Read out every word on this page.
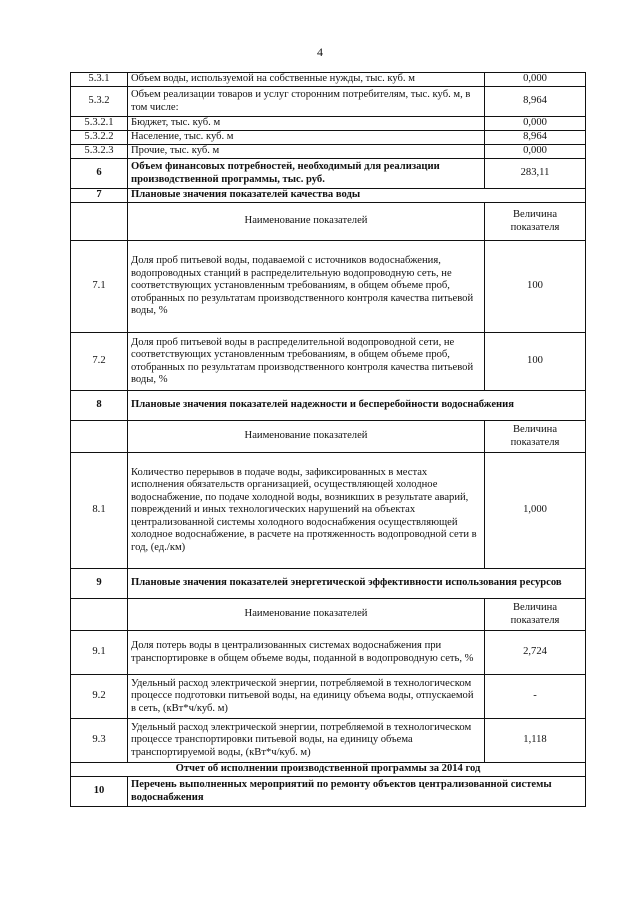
4
5.3.1	Объем воды, используемой на собственные нужды, тыс. куб. м	0,000
5.3.2	Объем реализации товаров и услуг сторонним потребителям, тыс. куб. м, в том числе:	8,964
5.3.2.1	Бюджет, тыс. куб. м	0,000
5.3.2.2	Население, тыс. куб. м	8,964
5.3.2.3	Прочие, тыс. куб. м	0,000
6	Объем финансовых потребностей, необходимый для реализации производственной программы, тыс. руб.	283,11
7	Плановые значения показателей качества воды	
	Наименование показателей	Величина показателя
7.1	Доля проб питьевой воды, подаваемой с источников водоснабжения, водопроводных станций в распределительную водопроводную сеть, не соответствующих установленным требованиям, в общем объеме проб, отобранных по результатам производственного контроля качества питьевой воды, %	100
7.2	Доля проб питьевой воды в распределительной водопроводной сети, не соответствующих установленным требованиям, в общем объеме проб, отобранных по результатам производственного контроля качества питьевой воды, %	100
8	Плановые значения показателей надежности и бесперебойности водоснабжения	
	Наименование показателей	Величина показателя
8.1	Количество перерывов в подаче воды, зафиксированных в местах исполнения обязательств организацией, осуществляющей холодное водоснабжение, по подаче холодной воды, возникших в результате аварий, повреждений и иных технологических нарушений на объектах централизованной системы холодного водоснабжения осуществляющей холодное водоснабжение, в расчете на протяженность водопроводной сети в год, (ед./км)	1,000
9	Плановые значения показателей энергетической эффективности использования ресурсов	
	Наименование показателей	Величина показателя
9.1	Доля потерь воды в централизованных системах водоснабжения при транспортировке в общем объеме воды, поданной в водопроводную сеть, %	2,724
9.2	Удельный расход электрической энергии, потребляемой в технологическом процессе подготовки питьевой воды, на единицу объема воды, отпускаемой в сеть, (кВт*ч/куб. м)	-
9.3	Удельный расход электрической энергии, потребляемой в технологическом процессе транспортировки питьевой воды, на единицу объема транспортируемой воды, (кВт*ч/куб. м)	1,118
Отчет об исполнении производственной программы за 2014 год		
10	Перечень выполненных мероприятий по ремонту объектов централизованной системы водоснабжения	
